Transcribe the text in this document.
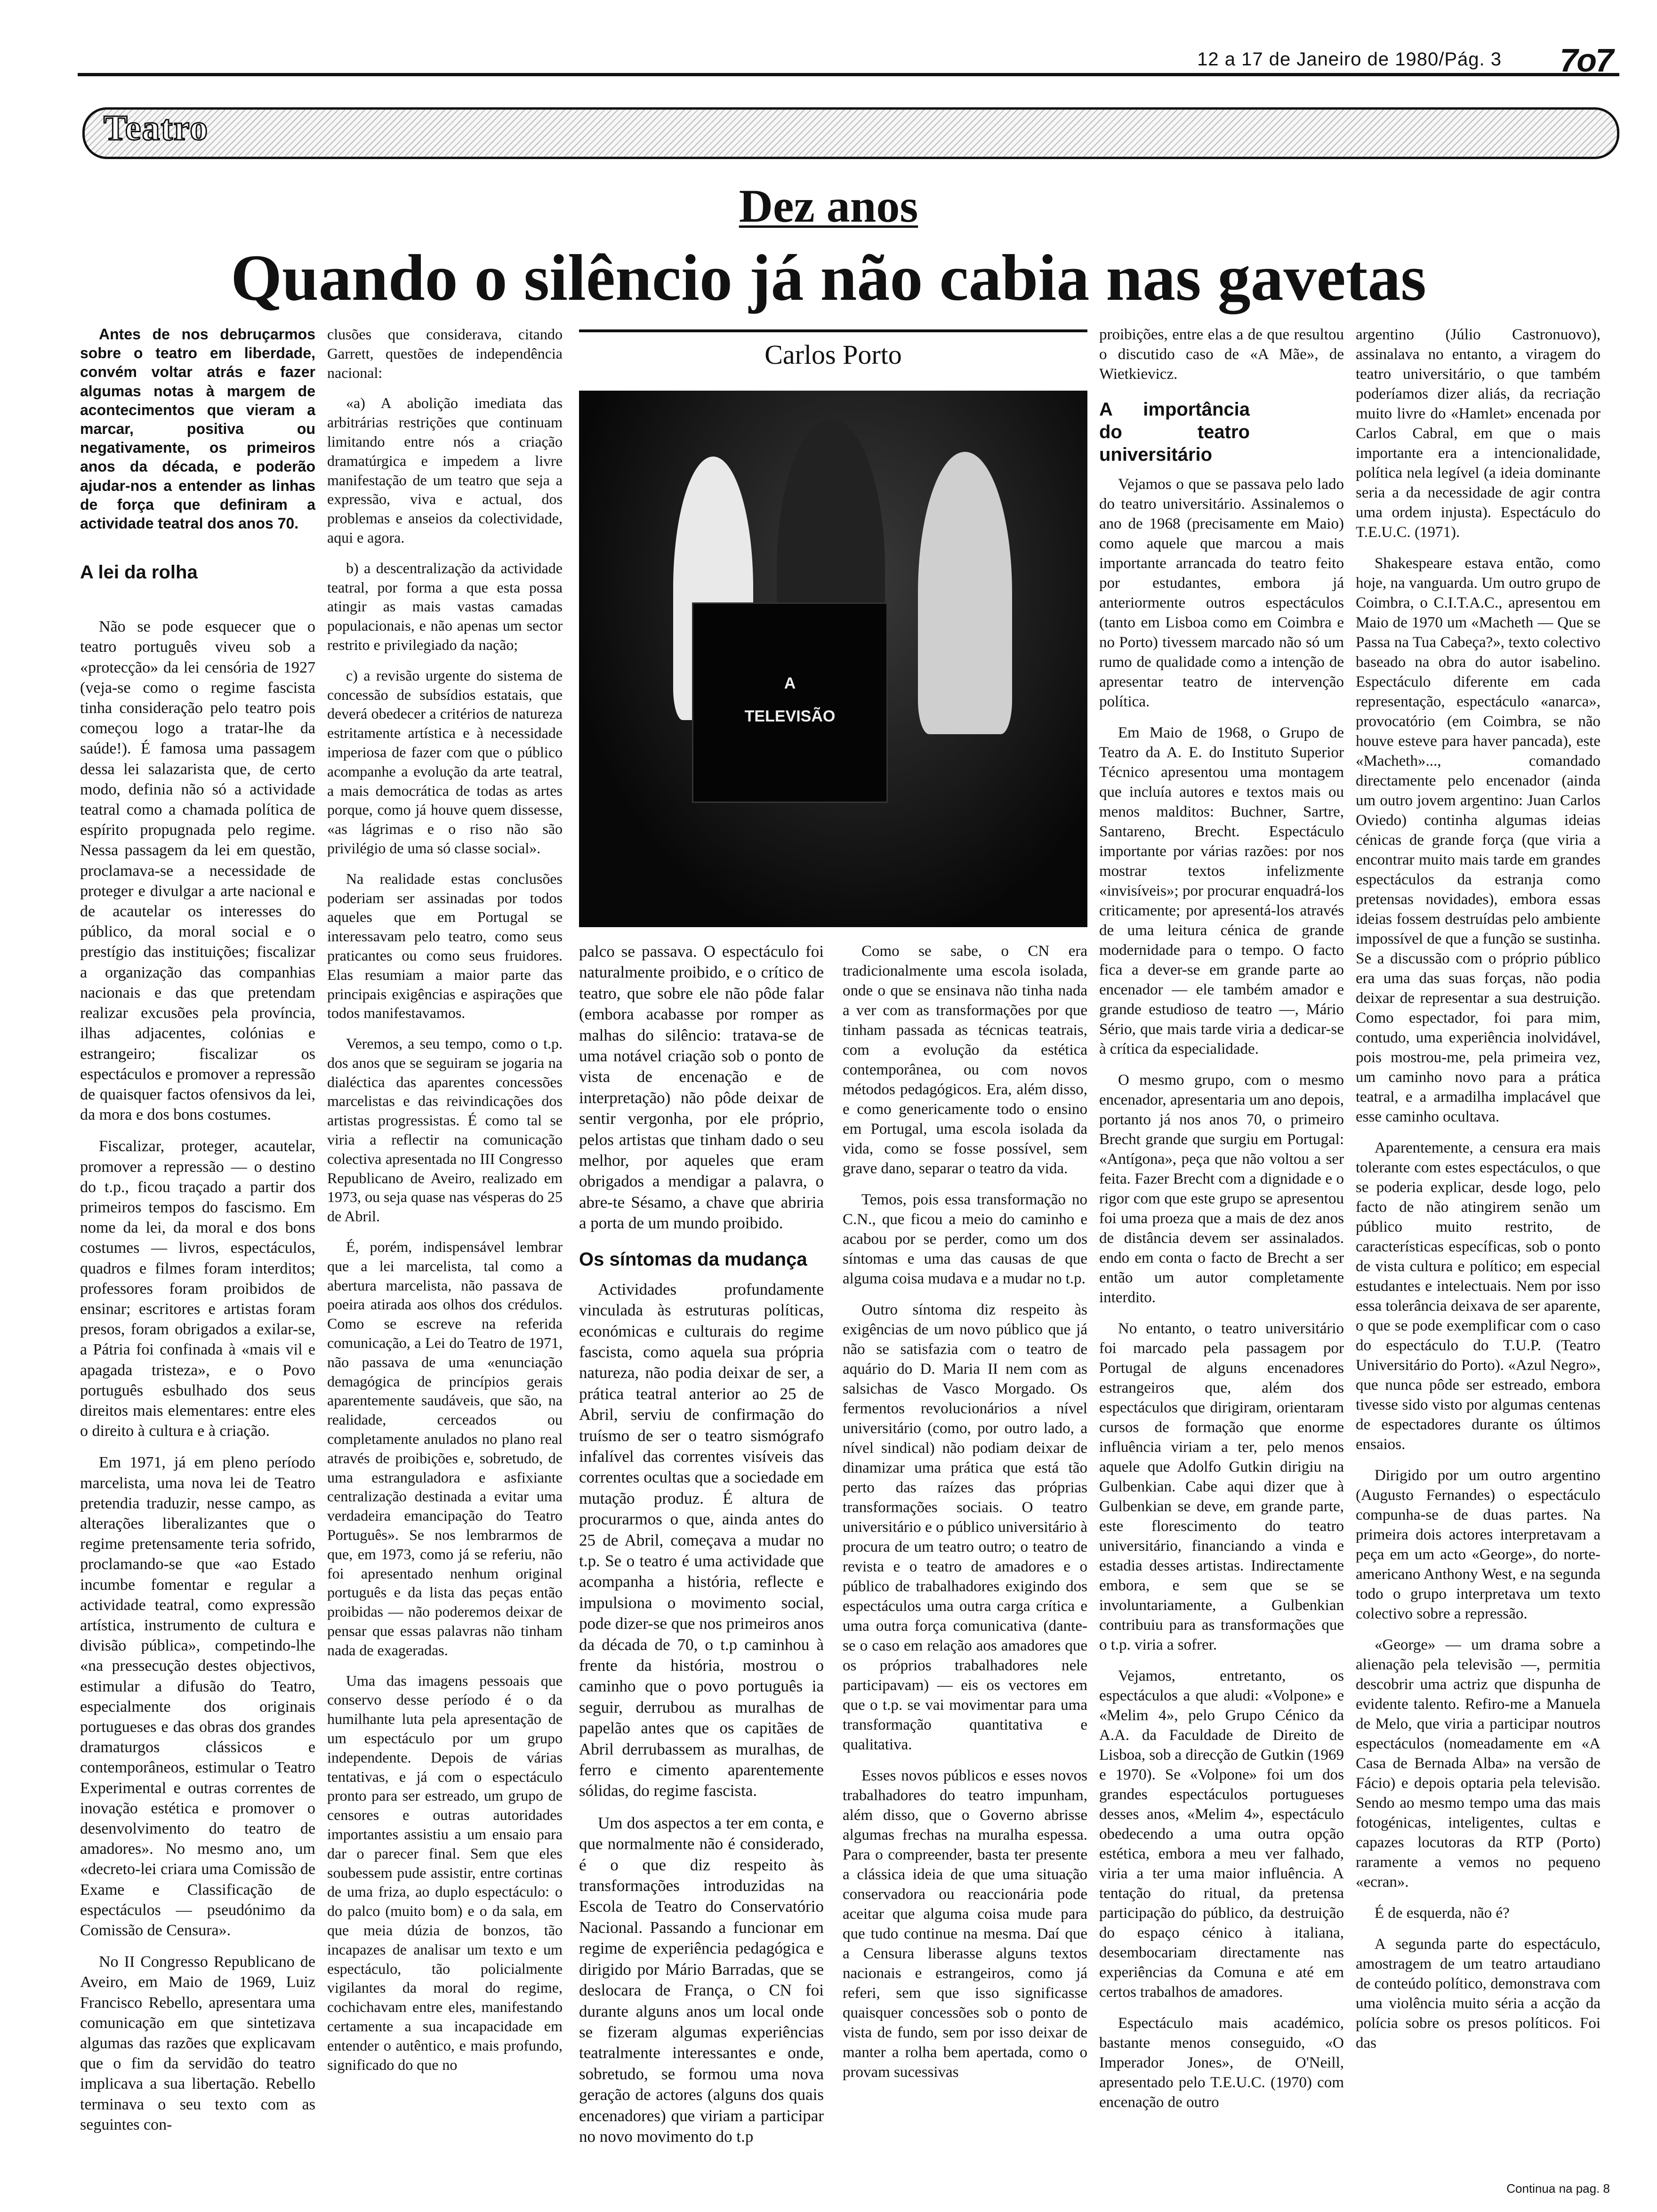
12 a 17 de Janeiro de 1980/Pág. 3 7o7
Teatro
Dez anos
Quando o silêncio já não cabia nas gavetas

Antes de nos debruçarmos sobre o teatro em liberdade, convém voltar atrás e fazer algumas notas à margem de acontecimentos que vieram a marcar, positiva ou negativamente, os primeiros anos da década, e poderão ajudar-nos a entender as linhas de força que definiram a actividade teatral dos anos 70.

A lei da rolha

Não se pode esquecer que o teatro português viveu sob a «protecção» da lei censória de 1927 (veja-se como o regime fascista tinha consideração pelo teatro pois começou logo a tratar-lhe da saúde!). É famosa uma passagem dessa lei salazarista que, de certo modo, definia não só a actividade teatral como a chamada política de espírito propugnada pelo regime. Nessa passagem da lei em questão, proclamava-se a necessidade de proteger e divulgar a arte nacional e de acautelar os interesses do público, da moral social e o prestígio das instituições; fiscalizar a organização das companhias nacionais e das que pretendam realizar excusões pela província, ilhas adjacentes, colónias e estrangeiro; fiscalizar os espectáculos e promover a repressão de quaisquer factos ofensivos da lei, da mora e dos bons costumes.

Fiscalizar, proteger, acautelar, promover a repressão — o destino do t.p., ficou traçado a partir dos primeiros tempos do fascismo. Em nome da lei, da moral e dos bons costumes — livros, espectáculos, quadros e filmes foram interditos; professores foram proibidos de ensinar; escritores e artistas foram presos, foram obrigados a exilar-se, a Pátria foi confinada à «mais vil e apagada tristeza», e o Povo português esbulhado dos seus direitos mais elementares: entre eles o direito à cultura e à criação.

Em 1971, já em pleno período marcelista, uma nova lei de Teatro pretendia traduzir, nesse campo, as alterações liberalizantes que o regime pretensamente teria sofrido, proclamando-se que «ao Estado incumbe fomentar e regular a actividade teatral, como expressão artística, instrumento de cultura e divisão pública», competindo-lhe «na pressecução destes objectivos, estimular a difusão do Teatro, especialmente dos originais portugueses e das obras dos grandes dramaturgos clássicos e contemporâneos, estimular o Teatro Experimental e outras correntes de inovação estética e promover o desenvolvimento do teatro de amadores». No mesmo ano, um «decreto-lei criara uma Comissão de Exame e Classificação de espectáculos — pseudónimo da Comissão de Censura».

No II Congresso Republicano de Aveiro, em Maio de 1969, Luiz Francisco Rebello, apresentara uma comunicação em que sintetizava algumas das razões que explicavam que o fim da servidão do teatro implicava a sua libertação. Rebello terminava o seu texto com as seguintes con-

clusões que considerava, citando Garrett, questões de independência nacional:

«a) A abolição imediata das arbitrárias restrições que continuam limitando entre nós a criação dramatúrgica e impedem a livre manifestação de um teatro que seja a expressão, viva e actual, dos problemas e anseios da colectividade, aqui e agora.

b) a descentralização da actividade teatral, por forma a que esta possa atingir as mais vastas camadas populacionais, e não apenas um sector restrito e privilegiado da nação;

c) a revisão urgente do sistema de concessão de subsídios estatais, que deverá obedecer a critérios de natureza estritamente artística e à necessidade imperiosa de fazer com que o público acompanhe a evolução da arte teatral, a mais democrática de todas as artes porque, como já houve quem dissesse, «as lágrimas e o riso não são privilégio de uma só classe social».

Na realidade estas conclusões poderiam ser assinadas por todos aqueles que em Portugal se interessavam pelo teatro, como seus praticantes ou como seus fruidores. Elas resumiam a maior parte das principais exigências e aspirações que todos manifestavamos.

Veremos, a seu tempo, como o t.p. dos anos que se seguiram se jogaria na dialéctica das aparentes concessões marcelistas e das reivindicações dos artistas progressistas. É como tal se viria a reflectir na comunicação colectiva apresentada no III Congresso Republicano de Aveiro, realizado em 1973, ou seja quase nas vésperas do 25 de Abril.

É, porém, indispensável lembrar que a lei marcelista, tal como a abertura marcelista, não passava de poeira atirada aos olhos dos crédulos. Como se escreve na referida comunicação, a Lei do Teatro de 1971, não passava de uma «enunciação demagógica de princípios gerais aparentemente saudáveis, que são, na realidade, cerceados ou completamente anulados no plano real através de proibições e, sobretudo, de uma estranguladora e asfixiante centralização destinada a evitar uma verdadeira emancipação do Teatro Português». Se nos lembrarmos de que, em 1973, como já se referiu, não foi apresentado nenhum original português e da lista das peças então proibidas — não poderemos deixar de pensar que essas palavras não tinham nada de exageradas.

Uma das imagens pessoais que conservo desse período é o da humilhante luta pela apresentação de um espectáculo por um grupo independente. Depois de várias tentativas, e já com o espectáculo pronto para ser estreado, um grupo de censores e outras autoridades importantes assistiu a um ensaio para dar o parecer final. Sem que eles soubessem pude assistir, entre cortinas de uma friza, ao duplo espectáculo: o do palco (muito bom) e o da sala, em que meia dúzia de bonzos, tão incapazes de analisar um texto e um espectáculo, tão policialmente vigilantes da moral do regime, cochichavam entre eles, manifestando certamente a sua incapacidade em entender o autêntico, e mais profundo, significado do que no

Carlos Porto
A
TELEVISÃO

palco se passava. O espectáculo foi naturalmente proibido, e o crítico de teatro, que sobre ele não pôde falar (embora acabasse por romper as malhas do silêncio: tratava-se de uma notável criação sob o ponto de vista de encenação e de interpretação) não pôde deixar de sentir vergonha, por ele próprio, pelos artistas que tinham dado o seu melhor, por aqueles que eram obrigados a mendigar a palavra, o abre-te Sésamo, a chave que abriria a porta de um mundo proibido.

Os síntomas da mudança

Actividades profundamente vinculada às estruturas políticas, económicas e culturais do regime fascista, como aquela sua própria natureza, não podia deixar de ser, a prática teatral anterior ao 25 de Abril, serviu de confirmação do truísmo de ser o teatro sismógrafo infalível das correntes visíveis das correntes ocultas que a sociedade em mutação produz. É altura de procurarmos o que, ainda antes do 25 de Abril, começava a mudar no t.p. Se o teatro é uma actividade que acompanha a história, reflecte e impulsiona o movimento social, pode dizer-se que nos primeiros anos da década de 70, o t.p caminhou à frente da história, mostrou o caminho que o povo português ia seguir, derrubou as muralhas de papelão antes que os capitães de Abril derrubassem as muralhas, de ferro e cimento aparentemente sólidas, do regime fascista.

Um dos aspectos a ter em conta, e que normalmente não é considerado, é o que diz respeito às transformações introduzidas na Escola de Teatro do Conservatório Nacional. Passando a funcionar em regime de experiência pedagógica e dirigido por Mário Barradas, que se deslocara de França, o CN foi durante alguns anos um local onde se fizeram algumas experiências teatralmente interessantes e onde, sobretudo, se formou uma nova geração de actores (alguns dos quais encenadores) que viriam a participar no novo movimento do t.p

Como se sabe, o CN era tradicionalmente uma escola isolada, onde o que se ensinava não tinha nada a ver com as transformações por que tinham passada as técnicas teatrais, com a evolução da estética contemporânea, ou com novos métodos pedagógicos. Era, além disso, e como genericamente todo o ensino em Portugal, uma escola isolada da vida, como se fosse possível, sem grave dano, separar o teatro da vida.

Temos, pois essa transformação no C.N., que ficou a meio do caminho e acabou por se perder, como um dos síntomas e uma das causas de que alguma coisa mudava e a mudar no t.p.

Outro síntoma diz respeito às exigências de um novo público que já não se satisfazia com o teatro de aquário do D. Maria II nem com as salsichas de Vasco Morgado. Os fermentos revolucionários a nível universitário (como, por outro lado, a nível sindical) não podiam deixar de dinamizar uma prática que está tão perto das raízes das próprias transformações sociais. O teatro universitário e o público universitário à procura de um teatro outro; o teatro de revista e o teatro de amadores e o público de trabalhadores exigindo dos espectáculos uma outra carga crítica e uma outra força comunicativa (dante-se o caso em relação aos amadores que os próprios trabalhadores nele participavam) — eis os vectores em que o t.p. se vai movimentar para uma transformação quantitativa e qualitativa.

Esses novos públicos e esses novos trabalhadores do teatro impunham, além disso, que o Governo abrisse algumas frechas na muralha espessa. Para o compreender, basta ter presente a clássica ideia de que uma situação conservadora ou reaccionária pode aceitar que alguma coisa mude para que tudo continue na mesma. Daí que a Censura liberasse alguns textos nacionais e estrangeiros, como já referi, sem que isso significasse quaisquer concessões sob o ponto de vista de fundo, sem por isso deixar de manter a rolha bem apertada, como o provam sucessivas

proibições, entre elas a de que resultou o discutido caso de «A Mãe», de Wietkievicz.

A importância do teatro universitário

Vejamos o que se passava pelo lado do teatro universitário. Assinalemos o ano de 1968 (precisamente em Maio) como aquele que marcou a mais importante arrancada do teatro feito por estudantes, embora já anteriormente outros espectáculos (tanto em Lisboa como em Coimbra e no Porto) tivessem marcado não só um rumo de qualidade como a intenção de apresentar teatro de intervenção política.

Em Maio de 1968, o Grupo de Teatro da A. E. do Instituto Superior Técnico apresentou uma montagem que incluía autores e textos mais ou menos malditos: Buchner, Sartre, Santareno, Brecht. Espectáculo importante por várias razões: por nos mostrar textos infelizmente «invisíveis»; por procurar enquadrá-los criticamente; por apresentá-los através de uma leitura cénica de grande modernidade para o tempo. O facto fica a dever-se em grande parte ao encenador — ele também amador e grande estudioso de teatro —, Mário Sério, que mais tarde viria a dedicar-se à crítica da especialidade.

O mesmo grupo, com o mesmo encenador, apresentaria um ano depois, portanto já nos anos 70, o primeiro Brecht grande que surgiu em Portugal: «Antígona», peça que não voltou a ser feita. Fazer Brecht com a dignidade e o rigor com que este grupo se apresentou foi uma proeza que a mais de dez anos de distância devem ser assinalados. endo em conta o facto de Brecht a ser então um autor completamente interdito.

No entanto, o teatro universitário foi marcado pela passagem por Portugal de alguns encenadores estrangeiros que, além dos espectáculos que dirigiram, orientaram cursos de formação que enorme influência viriam a ter, pelo menos aquele que Adolfo Gutkin dirigiu na Gulbenkian. Cabe aqui dizer que à Gulbenkian se deve, em grande parte, este florescimento do teatro universitário, financiando a vinda e estadia desses artistas. Indirectamente embora, e sem que se se involuntariamente, a Gulbenkian contribuiu para as transformações que o t.p. viria a sofrer.

Vejamos, entretanto, os espectáculos a que aludi: «Volpone» e «Melim 4», pelo Grupo Cénico da A.A. da Faculdade de Direito de Lisboa, sob a direcção de Gutkin (1969 e 1970). Se «Volpone» foi um dos grandes espectáculos portugueses desses anos, «Melim 4», espectáculo obedecendo a uma outra opção estética, embora a meu ver falhado, viria a ter uma maior influência. A tentação do ritual, da pretensa participação do público, da destruição do espaço cénico à italiana, desembocariam directamente nas experiências da Comuna e até em certos trabalhos de amadores.

Espectáculo mais académico, bastante menos conseguido, «O Imperador Jones», de O'Neill, apresentado pelo T.E.U.C. (1970) com encenação de outro

argentino (Júlio Castronuovo), assinalava no entanto, a viragem do teatro universitário, o que também poderíamos dizer aliás, da recriação muito livre do «Hamlet» encenada por Carlos Cabral, em que o mais importante era a intencionalidade, política nela legível (a ideia dominante seria a da necessidade de agir contra uma ordem injusta). Espectáculo do T.E.U.C. (1971).

Shakespeare estava então, como hoje, na vanguarda. Um outro grupo de Coimbra, o C.I.T.A.C., apresentou em Maio de 1970 um «Macheth — Que se Passa na Tua Cabeça?», texto colectivo baseado na obra do autor isabelino. Espectáculo diferente em cada representação, espectáculo «anarca», provocatório (em Coimbra, se não houve esteve para haver pancada), este «Macheth»..., comandado directamente pelo encenador (ainda um outro jovem argentino: Juan Carlos Oviedo) continha algumas ideias cénicas de grande força (que viria a encontrar muito mais tarde em grandes espectáculos da estranja como pretensas novidades), embora essas ideias fossem destruídas pelo ambiente impossível de que a função se sustinha. Se a discussão com o próprio público era uma das suas forças, não podia deixar de representar a sua destruição. Como espectador, foi para mim, contudo, uma experiência inolvidável, pois mostrou-me, pela primeira vez, um caminho novo para a prática teatral, e a armadilha implacável que esse caminho ocultava.

Aparentemente, a censura era mais tolerante com estes espectáculos, o que se poderia explicar, desde logo, pelo facto de não atingirem senão um público muito restrito, de características específicas, sob o ponto de vista cultura e político; em especial estudantes e intelectuais. Nem por isso essa tolerância deixava de ser aparente, o que se pode exemplificar com o caso do espectáculo do T.U.P. (Teatro Universitário do Porto). «Azul Negro», que nunca pôde ser estreado, embora tivesse sido visto por algumas centenas de espectadores durante os últimos ensaios.

Dirigido por um outro argentino (Augusto Fernandes) o espectáculo compunha-se de duas partes. Na primeira dois actores interpretavam a peça em um acto «George», do norte-americano Anthony West, e na segunda todo o grupo interpretava um texto colectivo sobre a repressão.

«George» — um drama sobre a alienação pela televisão —, permitia descobrir uma actriz que dispunha de evidente talento. Refiro-me a Manuela de Melo, que viria a participar noutros espectáculos (nomeadamente em «A Casa de Bernada Alba» na versão de Fácio) e depois optaria pela televisão. Sendo ao mesmo tempo uma das mais fotogénicas, inteligentes, cultas e capazes locutoras da RTP (Porto) raramente a vemos no pequeno «ecran».

É de esquerda, não é?

A segunda parte do espectáculo, amostragem de um teatro artaudiano de conteúdo político, demonstrava com uma violência muito séria a acção da polícia sobre os presos políticos. Foi das

Continua na pag. 8
